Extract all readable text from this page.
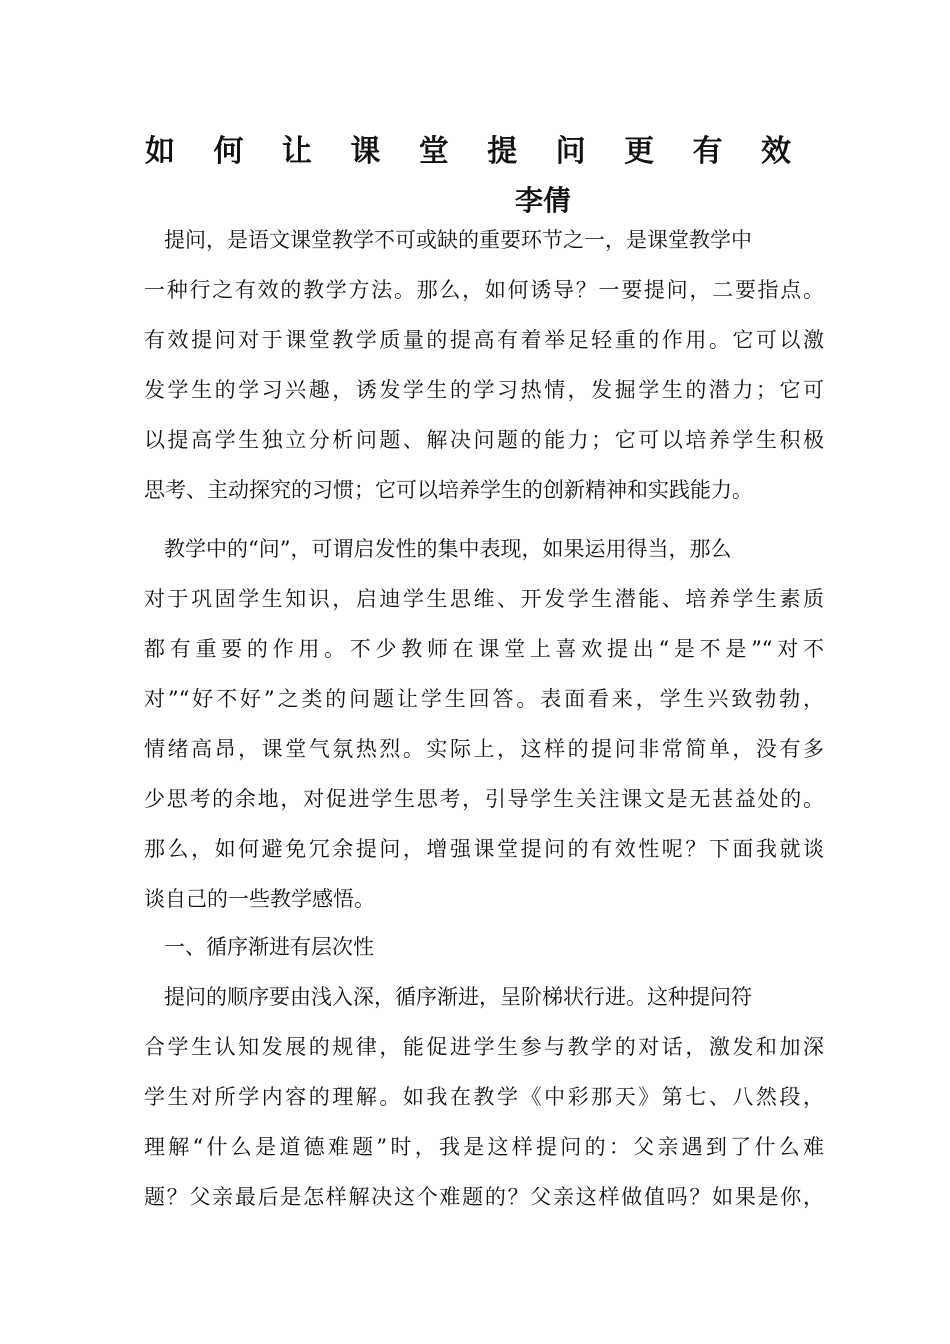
如 何 让 课 堂 提 问 更 有 效
李倩
提问，是语文课堂教学不可或缺的重要环节之一，是课堂教学中
一种行之有效的教学方法。那么，如何诱导？一要提问，二要指点。
有效提问对于课堂教学质量的提高有着举足轻重的作用。它可以激
发学生的学习兴趣，诱发学生的学习热情，发掘学生的潜力；它可
以提高学生独立分析问题、解决问题的能力；它可以培养学生积极
思考、主动探究的习惯；它可以培养学生的创新精神和实践能力。
教学中的“问”，可谓启发性的集中表现，如果运用得当，那么
对于巩固学生知识，启迪学生思维、开发学生潜能、培养学生素质
都有重要的作用。不少教师在课堂上喜欢提出“是不是”“对不
对”“好不好”之类的问题让学生回答。表面看来，学生兴致勃勃，
情绪高昂，课堂气氛热烈。实际上，这样的提问非常简单，没有多
少思考的余地，对促进学生思考，引导学生关注课文是无甚益处的。
那么，如何避免冗余提问，增强课堂提问的有效性呢？下面我就谈
谈自己的一些教学感悟。
一、循序渐进有层次性
提问的顺序要由浅入深，循序渐进，呈阶梯状行进。这种提问符
合学生认知发展的规律，能促进学生参与教学的对话，激发和加深
学生对所学内容的理解。如我在教学《中彩那天》第七、八然段，
理解“什么是道德难题”时，我是这样提问的：父亲遇到了什么难
题？父亲最后是怎样解决这个难题的？父亲这样做值吗？如果是你，
